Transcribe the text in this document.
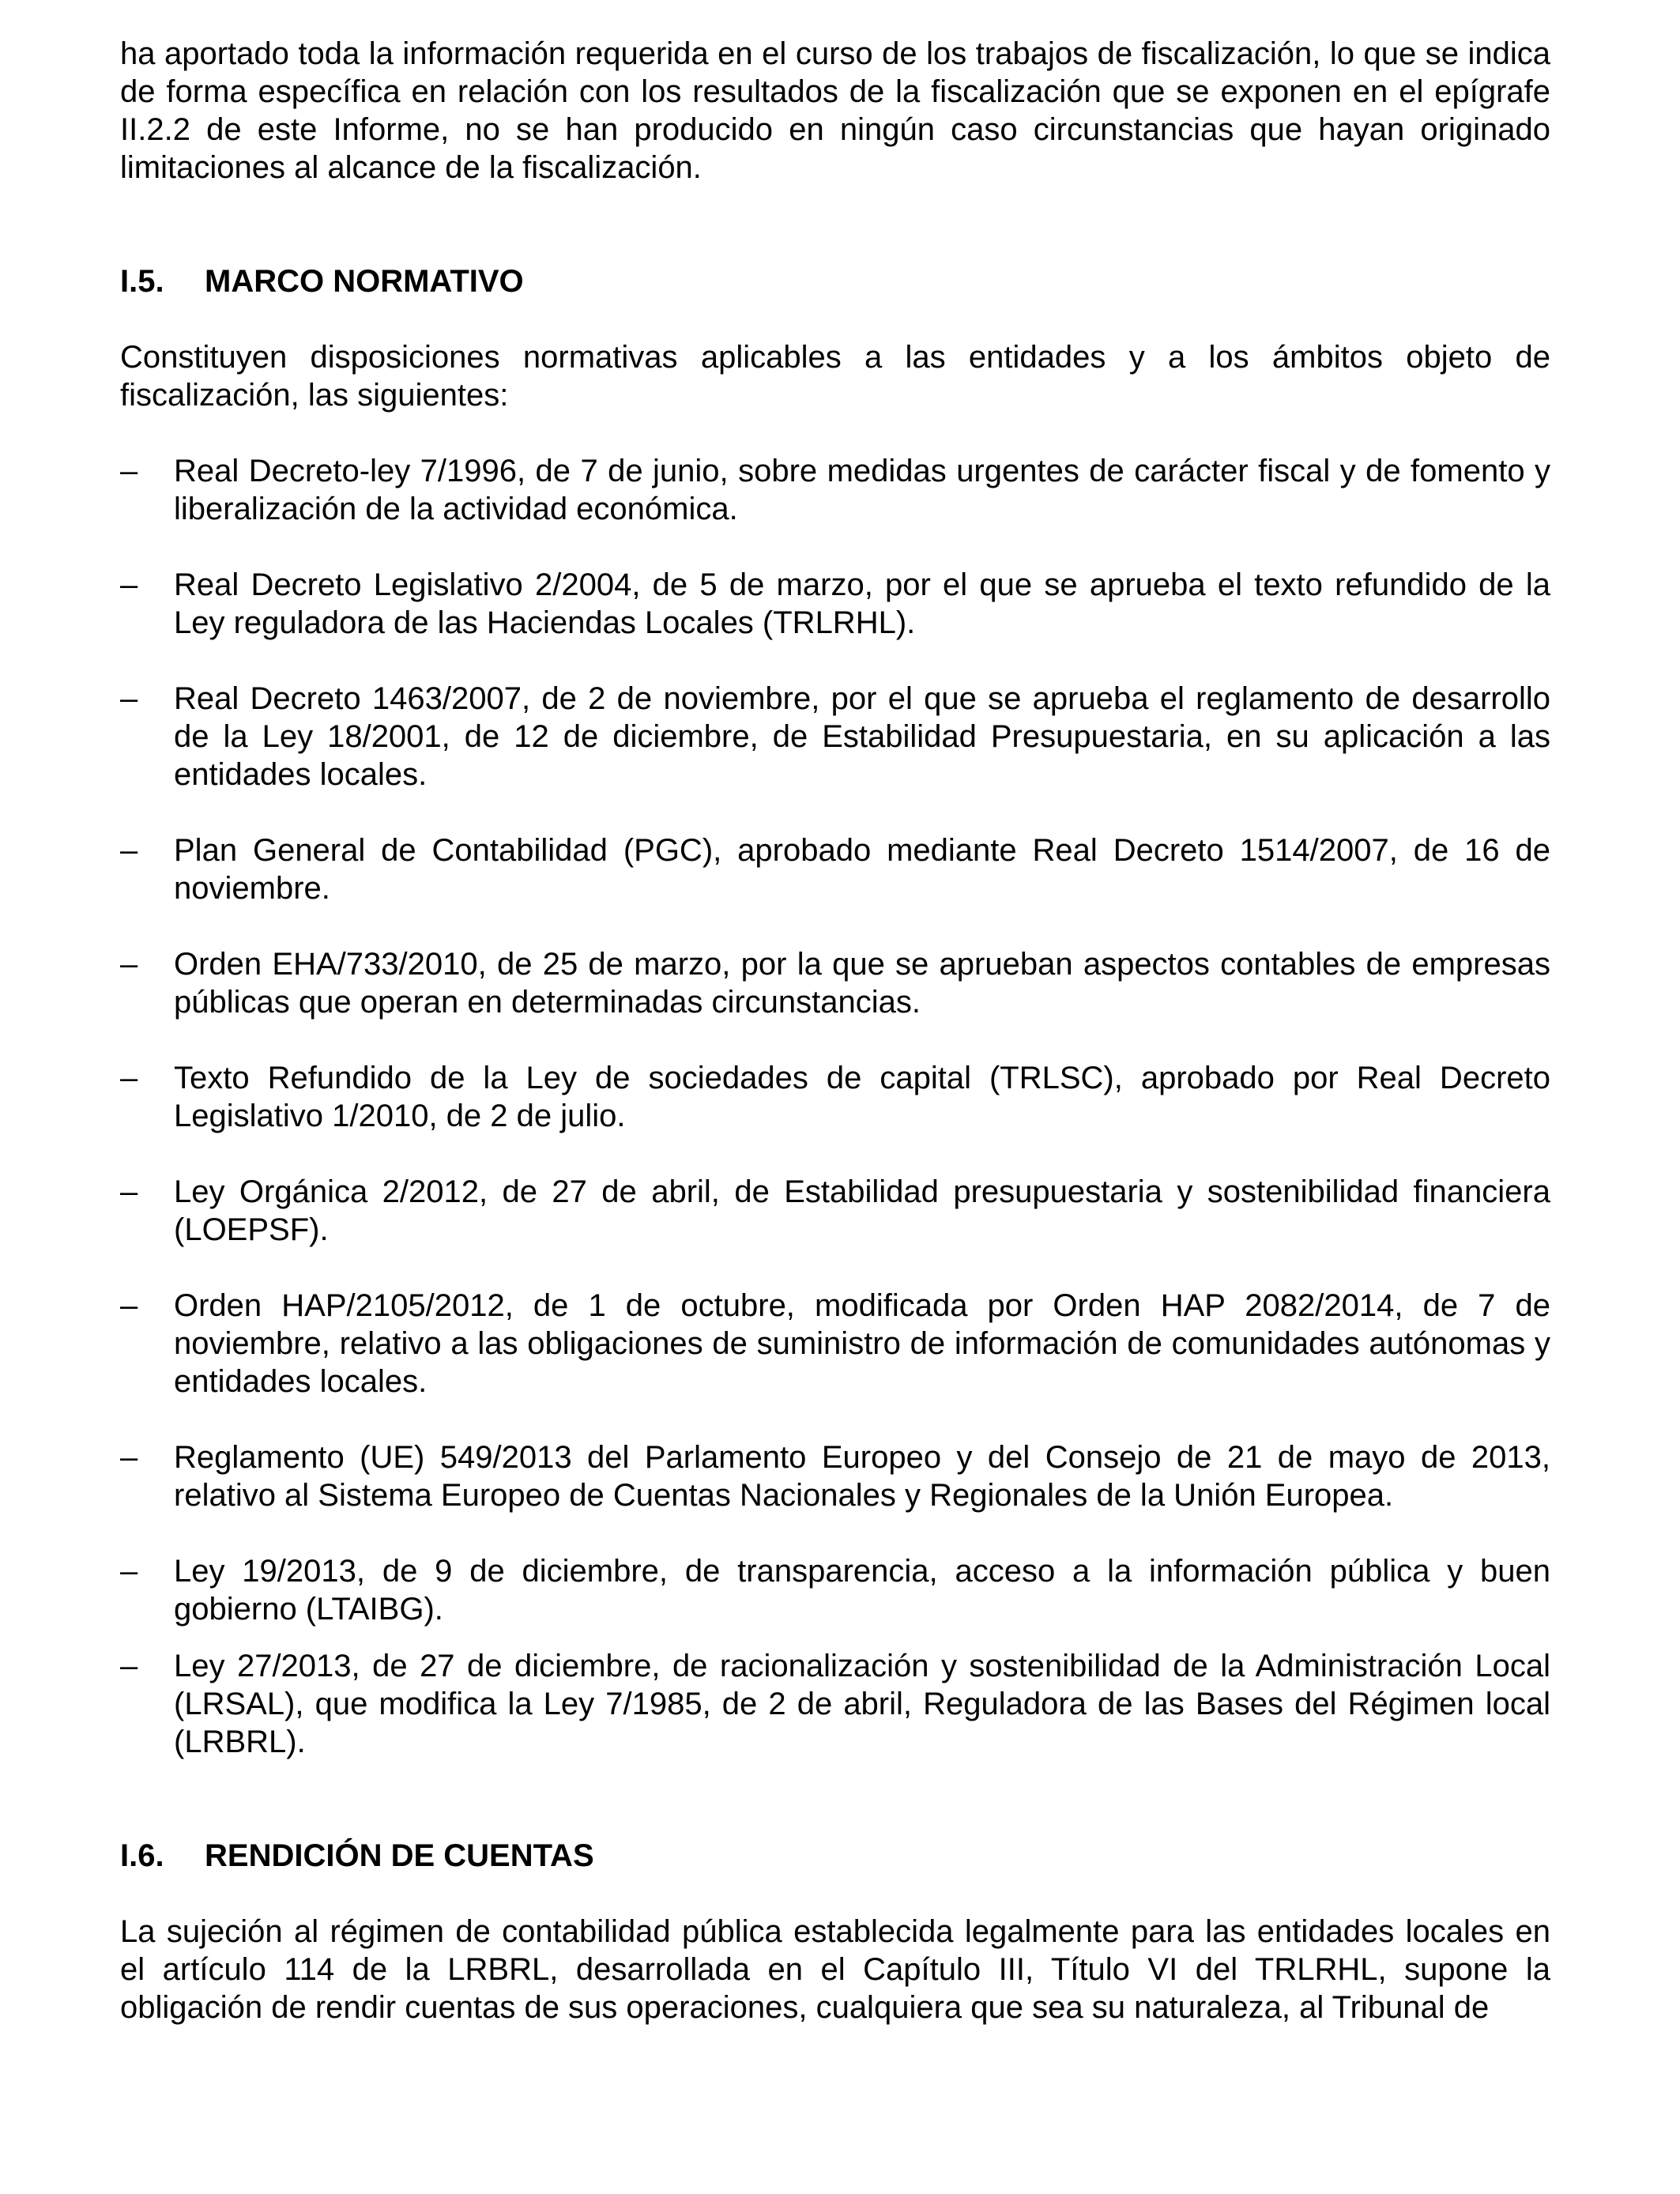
ha aportado toda la información requerida en el curso de los trabajos de fiscalización, lo que se indica de forma específica en relación con los resultados de la fiscalización que se exponen en el epígrafe II.2.2 de este Informe, no se han producido en ningún caso circunstancias que hayan originado limitaciones al alcance de la fiscalización.

I.5.	MARCO NORMATIVO

Constituyen disposiciones normativas aplicables a las entidades y a los ámbitos objeto de fiscalización, las siguientes:

–	Real Decreto-ley 7/1996, de 7 de junio, sobre medidas urgentes de carácter fiscal y de fomento y liberalización de la actividad económica.
–	Real Decreto Legislativo 2/2004, de 5 de marzo, por el que se aprueba el texto refundido de la Ley reguladora de las Haciendas Locales (TRLRHL).
–	Real Decreto 1463/2007, de 2 de noviembre, por el que se aprueba el reglamento de desarrollo de la Ley 18/2001, de 12 de diciembre, de Estabilidad Presupuestaria, en su aplicación a las entidades locales.
–	Plan General de Contabilidad (PGC), aprobado mediante Real Decreto 1514/2007, de 16 de noviembre.
–	Orden EHA/733/2010, de 25 de marzo, por la que se aprueban aspectos contables de empresas públicas que operan en determinadas circunstancias.
–	Texto Refundido de la Ley de sociedades de capital (TRLSC), aprobado por Real Decreto Legislativo 1/2010, de 2 de julio.
–	Ley Orgánica 2/2012, de 27 de abril, de Estabilidad presupuestaria y sostenibilidad financiera (LOEPSF).
–	Orden HAP/2105/2012, de 1 de octubre, modificada por Orden HAP 2082/2014, de 7 de noviembre, relativo a las obligaciones de suministro de información de comunidades autónomas y entidades locales.
–	Reglamento (UE) 549/2013 del Parlamento Europeo y del Consejo de 21 de mayo de 2013, relativo al Sistema Europeo de Cuentas Nacionales y Regionales de la Unión Europea.
–	Ley 19/2013, de 9 de diciembre, de transparencia, acceso a la información pública y buen gobierno (LTAIBG).
–	Ley 27/2013, de 27 de diciembre, de racionalización y sostenibilidad de la Administración Local (LRSAL), que modifica la Ley 7/1985, de 2 de abril, Reguladora de las Bases del Régimen local (LRBRL).
I.6.	RENDICIÓN DE CUENTAS

La sujeción al régimen de contabilidad pública establecida legalmente para las entidades locales en el artículo 114 de la LRBRL, desarrollada en el Capítulo III, Título VI del TRLRHL, supone la obligación de rendir cuentas de sus operaciones, cualquiera que sea su naturaleza, al Tribunal de
